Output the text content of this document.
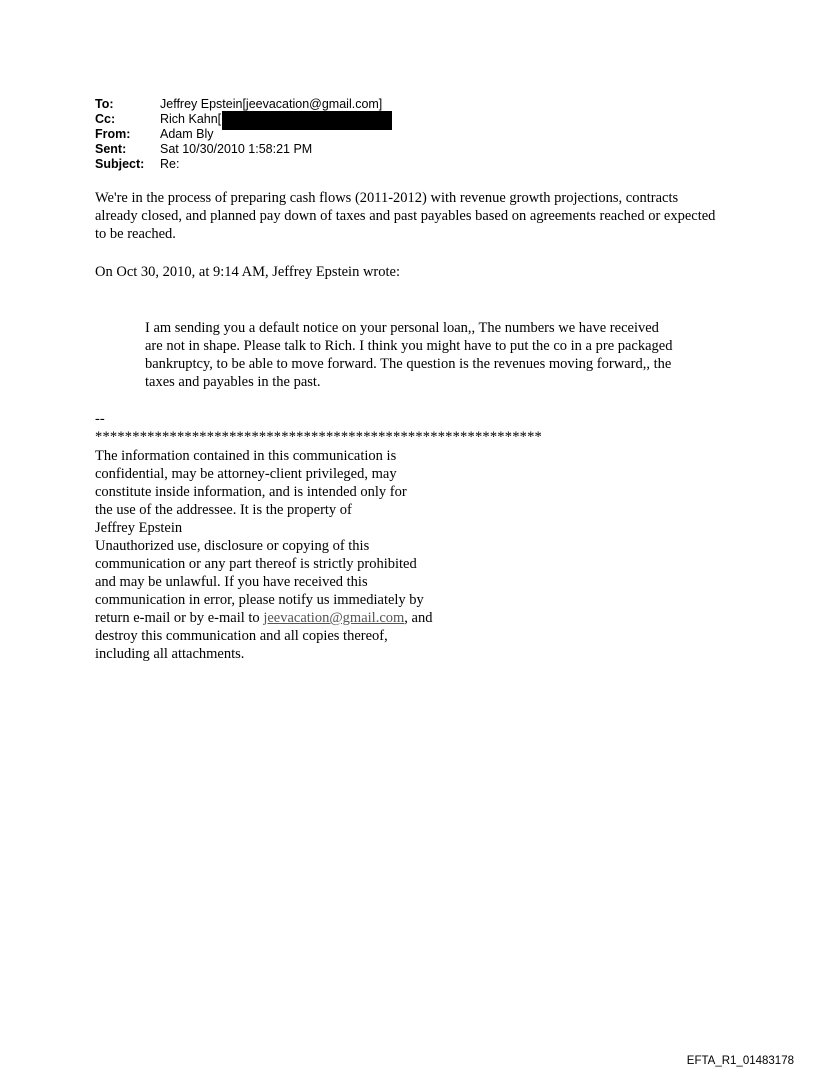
To:	Jeffrey Epstein[jeevacation@gmail.com]
Cc:	Rich Kahn[
From:	Adam Bly
Sent:	Sat 10/30/2010 1:58:21 PM
Subject:	Re:
We're in the process of preparing cash flows (2011-2012) with revenue growth projections, contracts already closed, and planned pay down of taxes and past payables based on agreements reached or expected to be reached.
On Oct 30, 2010, at 9:14 AM, Jeffrey Epstein wrote:
I am sending you a default notice on your personal loan,, The numbers we have received are not in shape. Please talk to Rich. I think you might have to put the co in a pre packaged bankruptcy, to be able to move forward. The question is the revenues moving forward,, the taxes and payables in the past.
--
************************************************************
The information contained in this communication is
confidential, may be attorney-client privileged, may
constitute inside information, and is intended only for
the use of the addressee. It is the property of
Jeffrey Epstein
Unauthorized use, disclosure or copying of this
communication or any part thereof is strictly prohibited
and may be unlawful. If you have received this
communication in error, please notify us immediately by
return e-mail or by e-mail to jeevacation@gmail.com, and
destroy this communication and all copies thereof,
including all attachments.
EFTA_R1_01483178
